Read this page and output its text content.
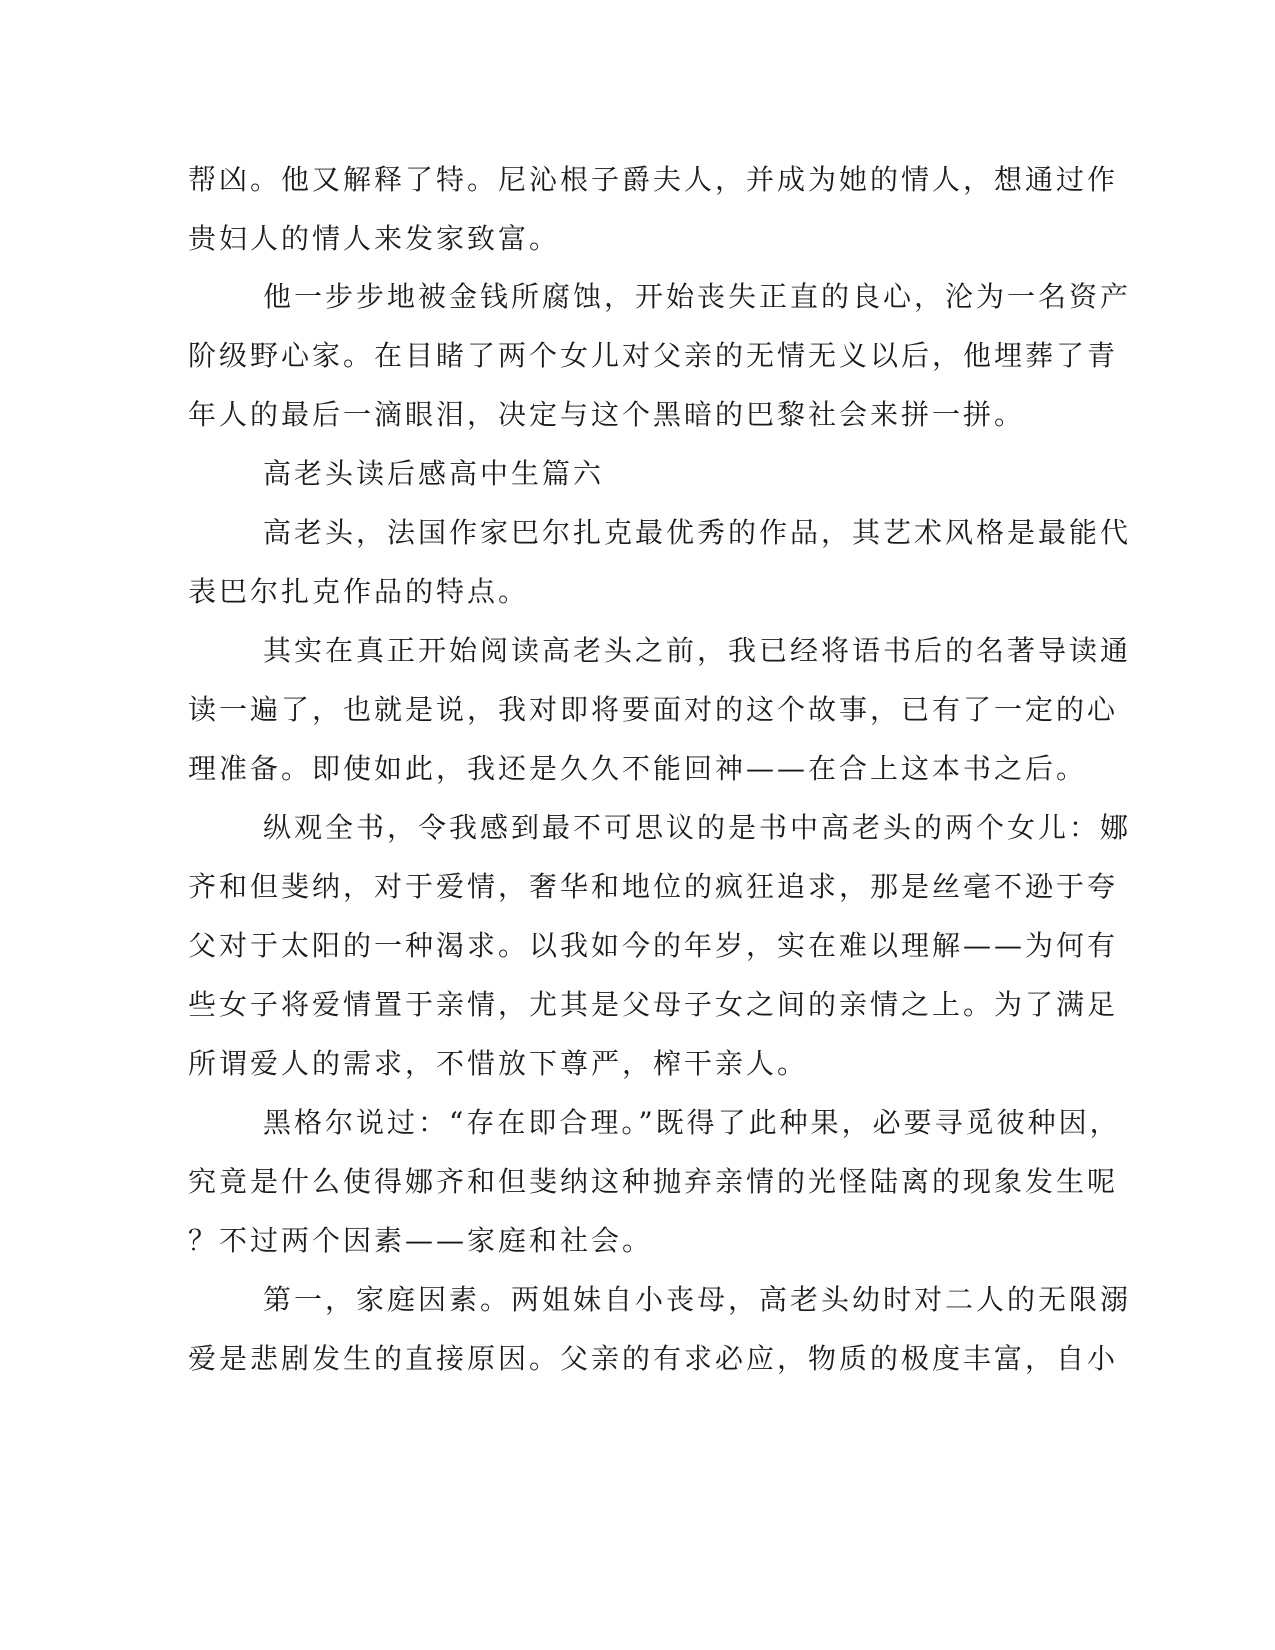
帮凶。他又解释了特。尼沁根子爵夫人，并成为她的情人，想通过作
贵妇人的情人来发家致富。
他一步步地被金钱所腐蚀，开始丧失正直的良心，沦为一名资产
阶级野心家。在目睹了两个女儿对父亲的无情无义以后，他埋葬了青
年人的最后一滴眼泪，决定与这个黑暗的巴黎社会来拼一拼。
高老头读后感高中生篇六
高老头，法国作家巴尔扎克最优秀的作品，其艺术风格是最能代
表巴尔扎克作品的特点。
其实在真正开始阅读高老头之前，我已经将语书后的名著导读通
读一遍了，也就是说，我对即将要面对的这个故事，已有了一定的心
理准备。即使如此，我还是久久不能回神——在合上这本书之后。
纵观全书，令我感到最不可思议的是书中高老头的两个女儿：娜
齐和但斐纳，对于爱情，奢华和地位的疯狂追求，那是丝毫不逊于夸
父对于太阳的一种渴求。以我如今的年岁，实在难以理解——为何有
些女子将爱情置于亲情，尤其是父母子女之间的亲情之上。为了满足
所谓爱人的需求，不惜放下尊严，榨干亲人。
黑格尔说过：“存在即合理。”既得了此种果，必要寻觅彼种因，
究竟是什么使得娜齐和但斐纳这种抛弃亲情的光怪陆离的现象发生呢
？不过两个因素——家庭和社会。
第一，家庭因素。两姐妹自小丧母，高老头幼时对二人的无限溺
爱是悲剧发生的直接原因。父亲的有求必应，物质的极度丰富，自小
